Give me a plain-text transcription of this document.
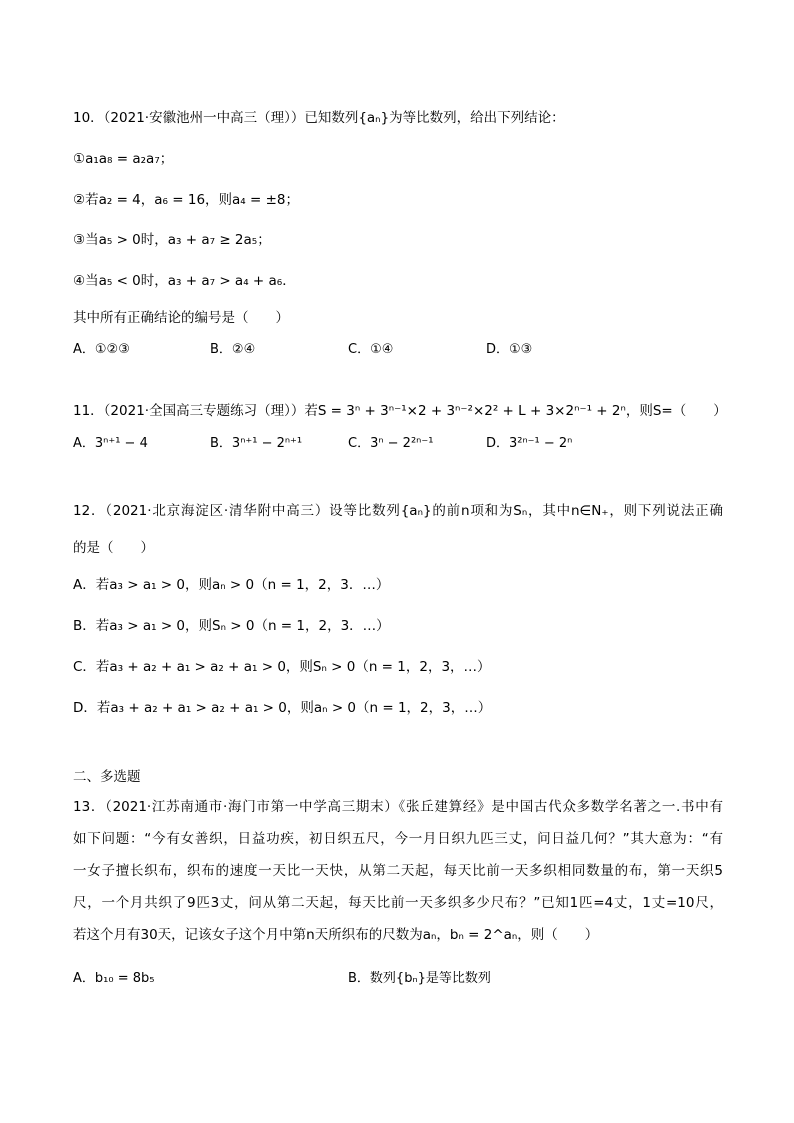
10．（2021·安徽池州一中高三（理））已知数列{aₙ}为等比数列，给出下列结论：
①a₁a₈ = a₂a₇；
②若a₂ = 4，a₆ = 16，则a₄ = ±8；
③当a₅ > 0时，a₃ + a₇ ≥ 2a₅；
④当a₅ < 0时，a₃ + a₇ > a₄ + a₆．
其中所有正确结论的编号是（　　）
A．①②③	B．②④	C．①④	D．①③
11．（2021·全国高三专题练习（理））若S = 3ⁿ + 3ⁿ⁻¹×2 + 3ⁿ⁻²×2² + L + 3×2ⁿ⁻¹ + 2ⁿ，则S=（　　）
A．3ⁿ⁺¹ − 4	B．3ⁿ⁺¹ − 2ⁿ⁺¹	C．3ⁿ − 2²ⁿ⁻¹	D．3²ⁿ⁻¹ − 2ⁿ
12．（2021·北京海淀区·清华附中高三）设等比数列{aₙ}的前n项和为Sₙ，其中n∈N₊，则下列说法正确
的是（　　）
A．若a₃ > a₁ > 0，则aₙ > 0（n = 1，2，3．…）
B．若a₃ > a₁ > 0，则Sₙ > 0（n = 1，2，3．…）
C．若a₃ + a₂ + a₁ > a₂ + a₁ > 0，则Sₙ > 0（n = 1，2，3，…）
D．若a₃ + a₂ + a₁ > a₂ + a₁ > 0，则aₙ > 0（n = 1，2，3，…）
二、多选题
13．（2021·江苏南通市·海门市第一中学高三期末）《张丘建算经》是中国古代众多数学名著之一.书中有
如下问题：“今有女善织，日益功疾，初日织五尺，今一月日织九匹三丈，问日益几何？”其大意为：“有
一女子擅长织布，织布的速度一天比一天快，从第二天起，每天比前一天多织相同数量的布，第一天织5
尺，一个月共织了9匹3丈，问从第二天起，每天比前一天多织多少尺布？”已知1匹=4丈，1丈=10尺，
若这个月有30天，记该女子这个月中第n天所织布的尺数为aₙ，bₙ = 2^aₙ，则（　　）
A．b₁₀ = 8b₅	B．数列{bₙ}是等比数列
